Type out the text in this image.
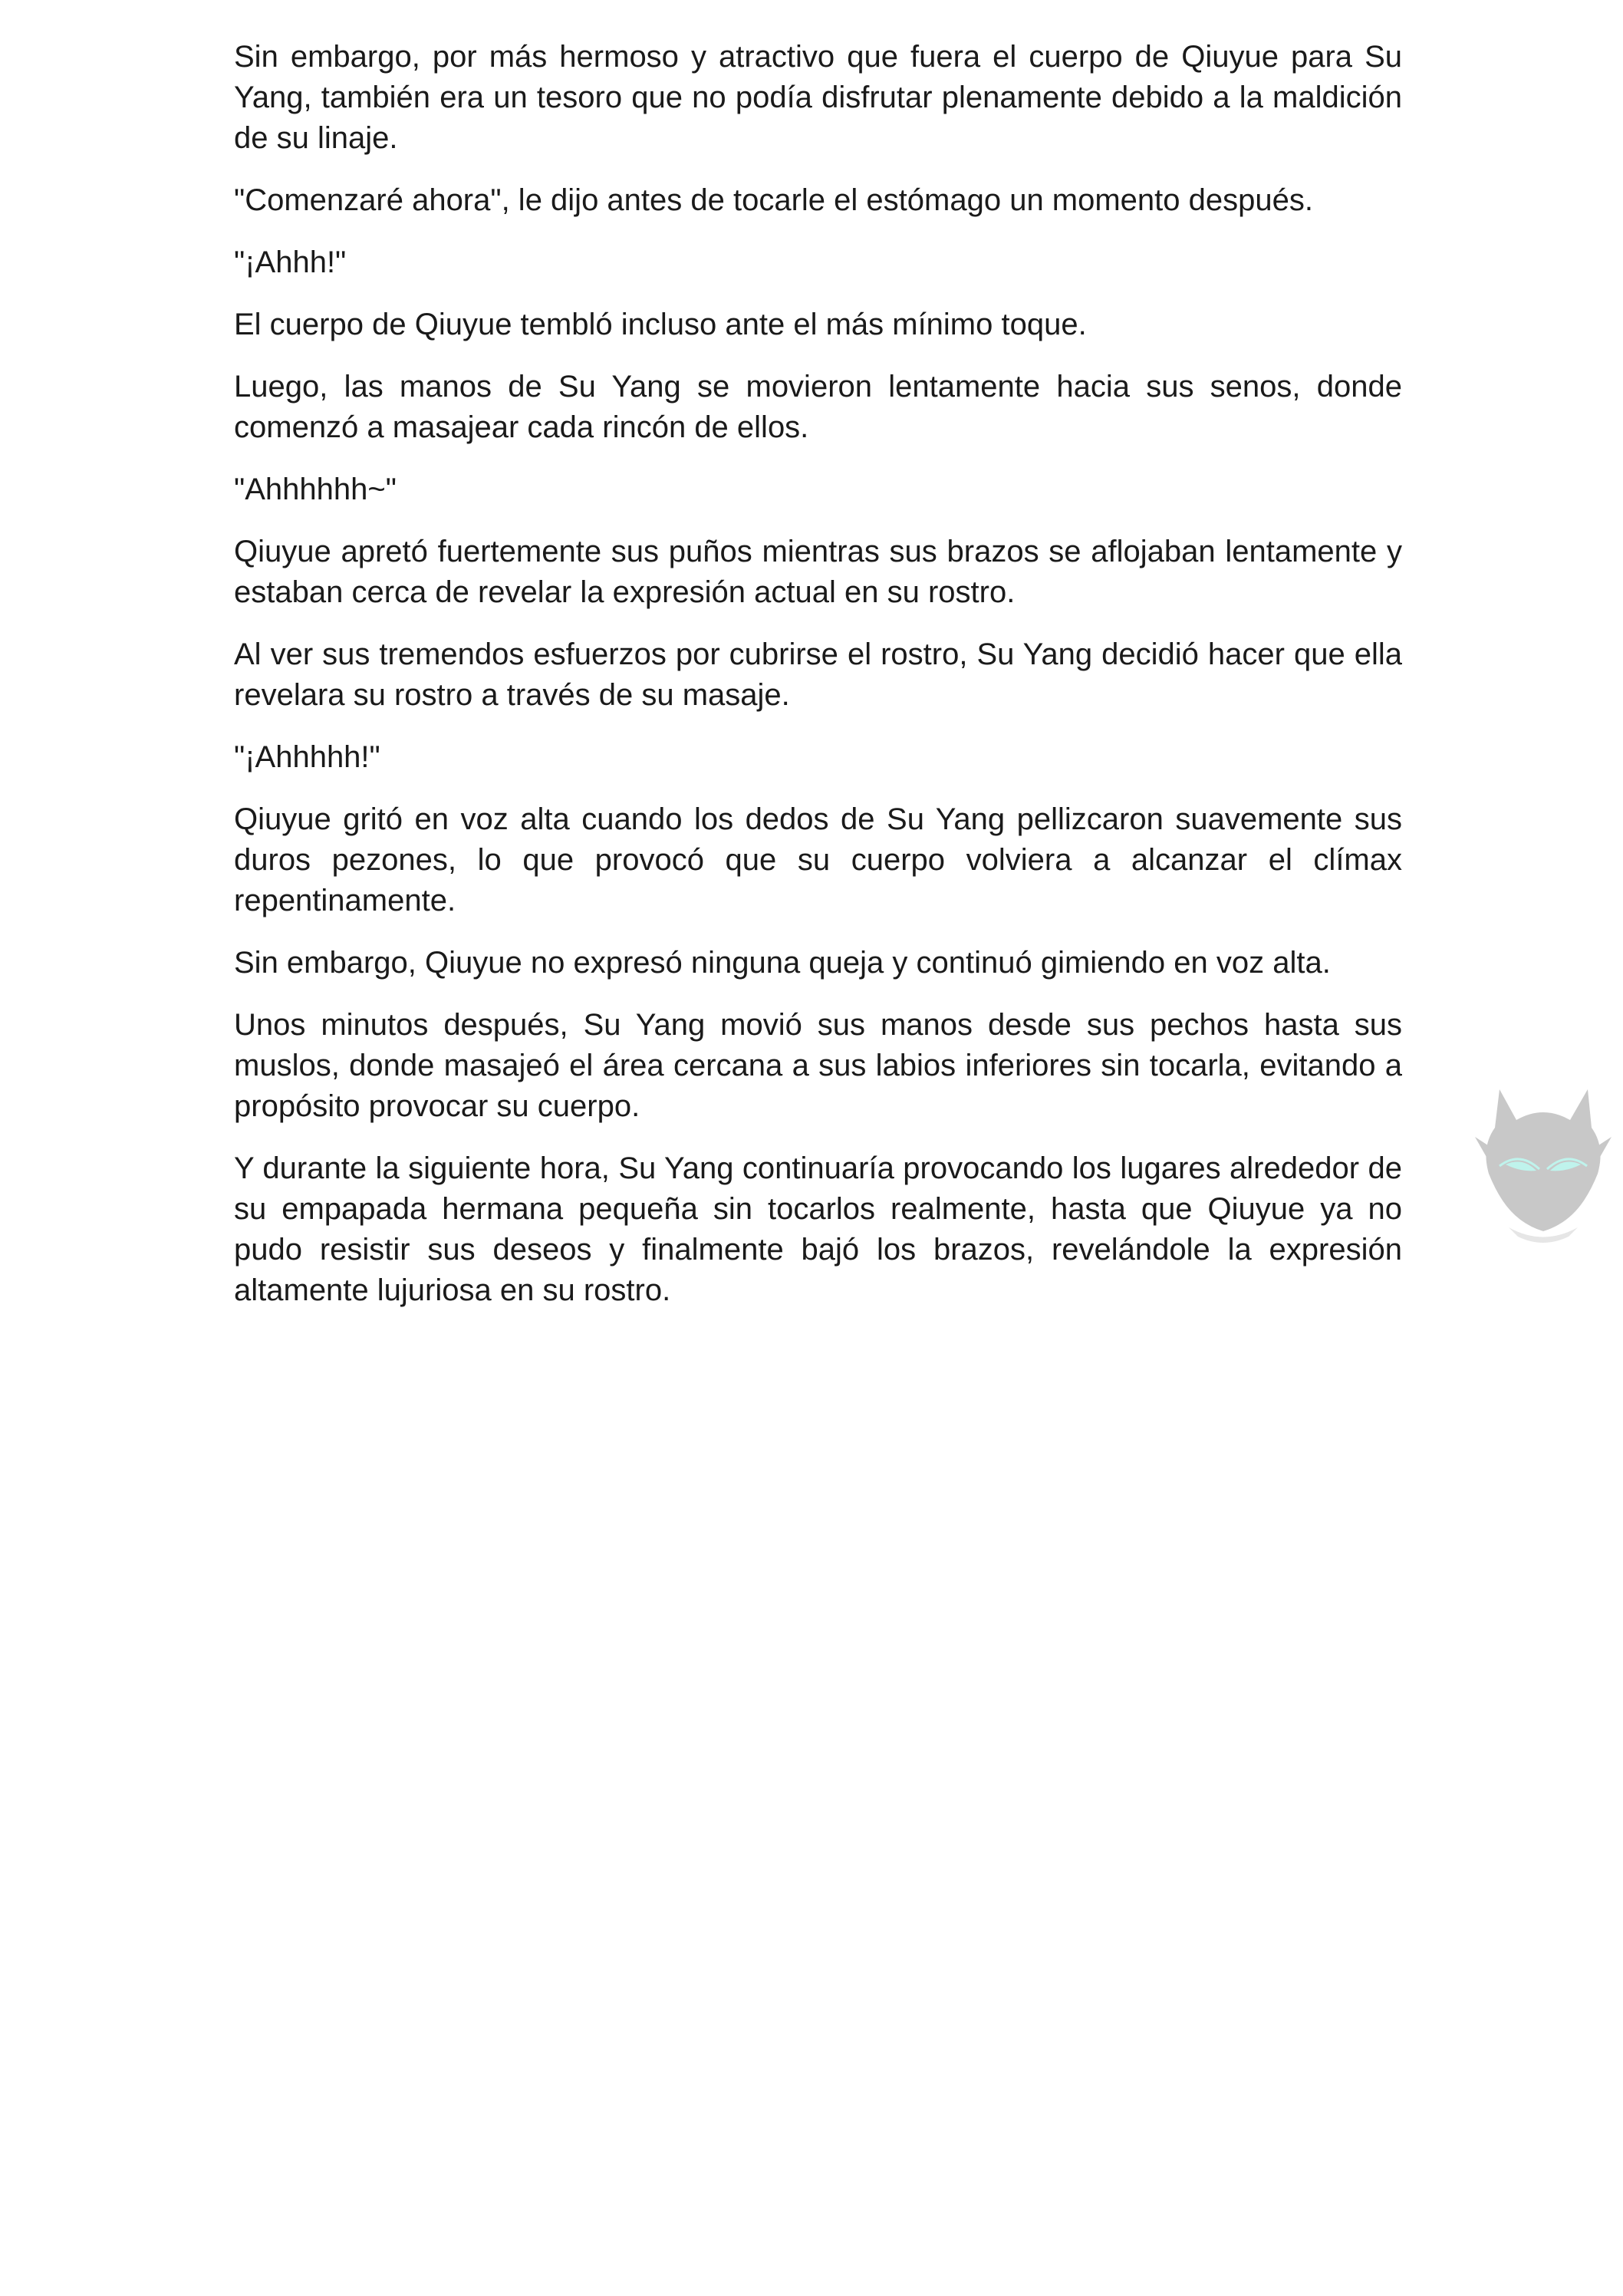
Sin embargo, por más hermoso y atractivo que fuera el cuerpo de Qiuyue para Su Yang, también era un tesoro que no podía disfrutar plenamente debido a la maldición de su linaje.

"Comenzaré ahora", le dijo antes de tocarle el estómago un momento después.

"¡Ahhh!"

El cuerpo de Qiuyue tembló incluso ante el más mínimo toque.

Luego, las manos de Su Yang se movieron lentamente hacia sus senos, donde comenzó a masajear cada rincón de ellos.

"Ahhhhhh~"

Qiuyue apretó fuertemente sus puños mientras sus brazos se aflojaban lentamente y estaban cerca de revelar la expresión actual en su rostro.

Al ver sus tremendos esfuerzos por cubrirse el rostro, Su Yang decidió hacer que ella revelara su rostro a través de su masaje.

"¡Ahhhhh!"

Qiuyue gritó en voz alta cuando los dedos de Su Yang pellizcaron suavemente sus duros pezones, lo que provocó que su cuerpo volviera a alcanzar el clímax repentinamente.

Sin embargo, Qiuyue no expresó ninguna queja y continuó gimiendo en voz alta.

Unos minutos después, Su Yang movió sus manos desde sus pechos hasta sus muslos, donde masajeó el área cercana a sus labios inferiores sin tocarla, evitando a propósito provocar su cuerpo.

Y durante la siguiente hora, Su Yang continuaría provocando los lugares alrededor de su empapada hermana pequeña sin tocarlos realmente, hasta que Qiuyue ya no pudo resistir sus deseos y finalmente bajó los brazos, revelándole la expresión altamente lujuriosa en su rostro.
